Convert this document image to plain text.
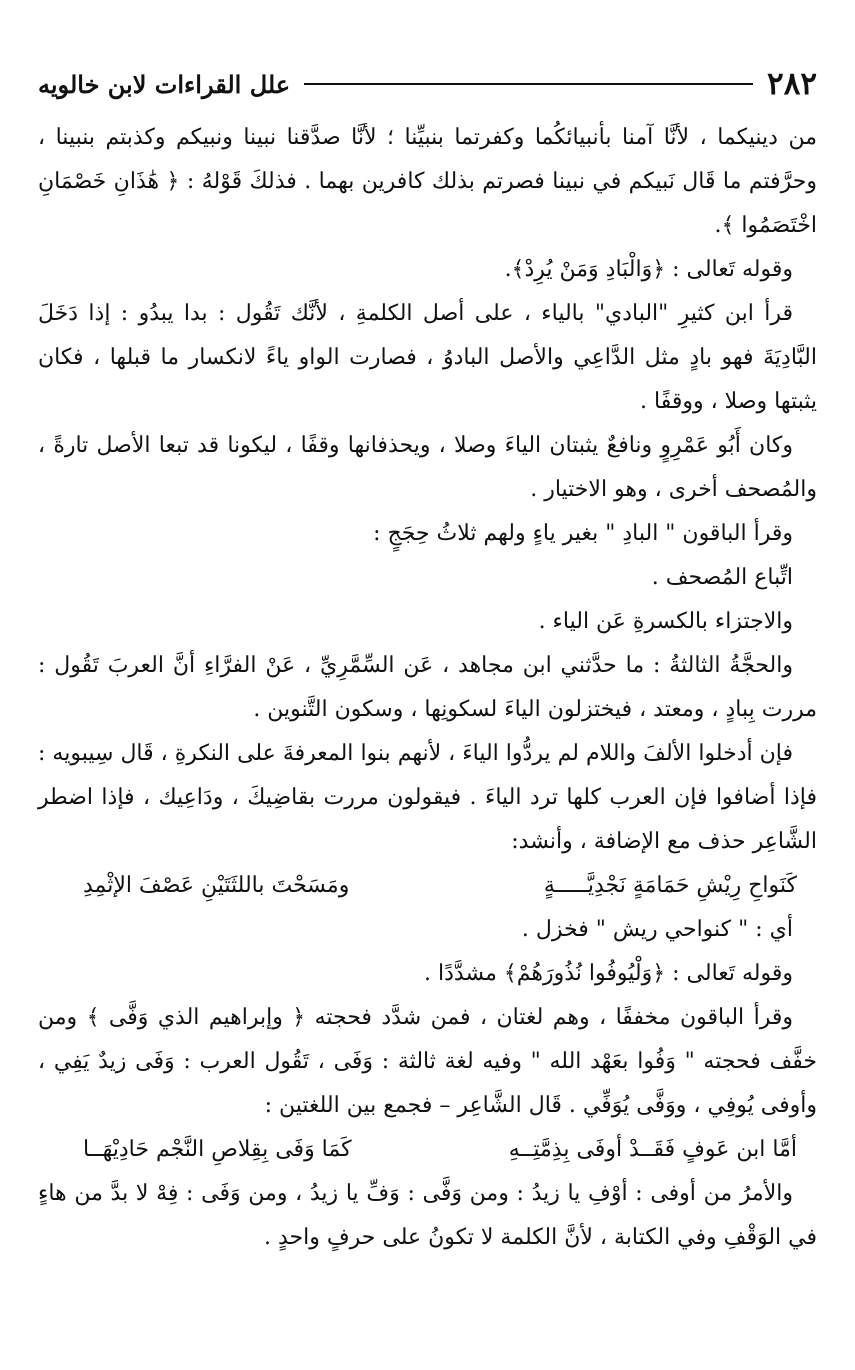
٢٨٢
علل القراءات لابن خالويه

من دينيكما ، لأنَّا آمنا بأنبيائكُما وكفرتما بنبيِّنا ؛ لأنَّا صدَّقنا نبينا ونبيكم وكذبتم بنبينا ، وحرَّفتم ما قَال نَبيكم في نبينا فصرتم بذلك كافرين بهما . فذلكَ قَوْلهُ : ﴿ هَٰذَانِ خَصْمَانِ اخْتَصَمُوا ﴾.

وقوله تَعالى : ﴿وَالْبَادِ وَمَنْ يُرِدْ﴾.

قرأ ابن كثيرِ "البادي" بالياء ، على أصل الكلمةِ ، لأنَّك تَقُول : بدا يبدُو : إذا دَخَلَ البَّادِيَةَ فهو بادٍ مثل الدَّاعِي والأصل البادوُ ، فصارت الواو ياءً لانكسار ما قبلها ، فكان يثبتها وصلا ، ووقفًا .

وكان أَبُو عَمْرِوٍ ونافعٌ يثبتان الياءَ وصلا ، ويحذفانها وقفًا ، ليكونا قد تبعا الأصل تارةً ، والمُصحف أخرى ، وهو الاختيار .

وقرأ الباقون " البادِ " بغير ياءٍ ولهم ثلاثُ حِجَجٍ :

اتِّباع المُصحف .

والاجتزاء بالكسرةِ عَن الياء .

والحجَّةُ الثالثةُ : ما حدَّثني ابن مجاهد ، عَن السِّمَّرِيِّ ، عَنْ الفرَّاءِ أنَّ العربَ تَقُول : مررت بِبادٍ ، ومعتد ، فيختزلون الياءَ لسكونِها ، وسكون التَّنوين .

فإن أدخلوا الألفَ واللام لم يردُّوا الياءَ ، لأنهم بنوا المعرفةَ على النكرةِ ، قَال سِيبويه : فإذا أضافوا فإن العرب كلها ترد الياءَ . فيقولون مررت بقاضِيكَ ، ودَاعِيك ، فإذا اضطر الشَّاعِر حذف مع الإضافة ، وأنشد:

كَنَواحِ رِيْشِ حَمَامَةٍ نَجْدِيَّـــــةٍ
ومَسَحْتَ باللثَتَيْنِ عَصْفَ الإثْمِدِ

أي : " كنواحي ريش " فخزل .

وقوله تَعالى : ﴿وَلْيُوفُوا نُذُورَهُمْ﴾ مشدَّدًا .

وقرأ الباقون مخففًا ، وهم لغتان ، فمن شدَّد فحجته ﴿ وإبراهيم الذي وَفَّى ﴾ ومن خفَّف فحجته " وَفُوا بعَهْد الله " وفيه لغة ثالثة : وَفَى ، تَقُول العرب : وَفَى زيدٌ يَفِي ، وأوفى يُوفِي ، ووَفَّى يُوَفِّي . قَال الشَّاعِر – فجمع بين اللغتين :

أمَّا ابن عَوفٍ فَقَــدْ أوفَى بِذِمَّتِــهِ
كَمَا وَفَى بِقِلاصِ النَّجْم حَادِيْهَــا

والأمرُ من أوفى : أوْفِ يا زيدُ : ومن وَفَّى : وَفِّ يا زيدُ ، ومن وَفَى : فِهْ لا بدَّ من هاءٍ في الوَقْفِ وفي الكتابة ، لأنَّ الكلمة لا تكونُ على حرفٍ واحدٍ .
